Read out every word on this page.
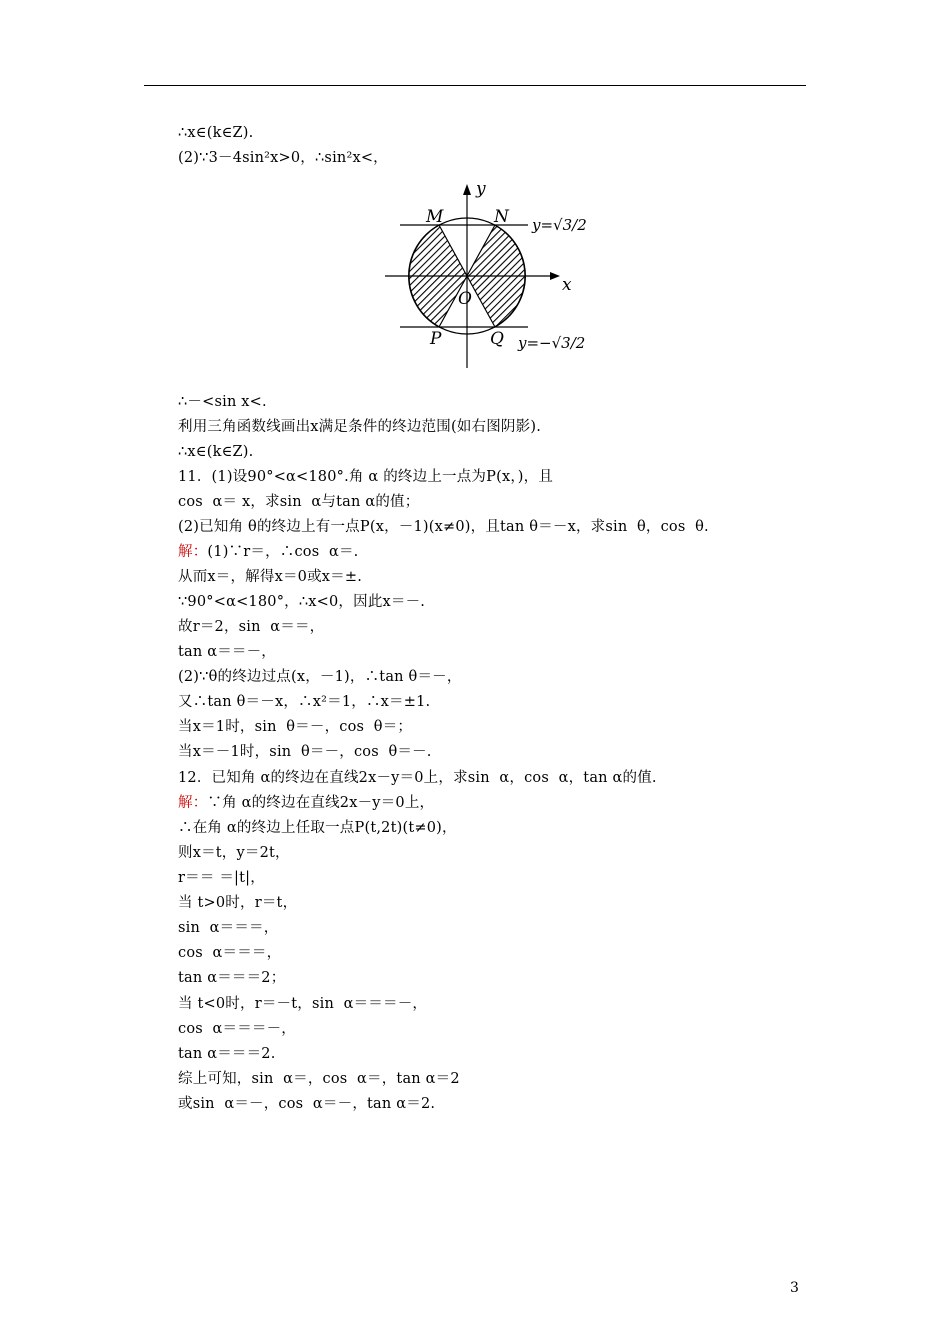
∴x∈(k∈Z).
(2)∵3－4sin²x>0，∴sin²x<，
y
x
O
M	N
P	Q
y=√3/2
y=−√3/2
∴－<sin x<.
利用三角函数线画出x满足条件的终边范围(如右图阴影).
∴x∈(k∈Z).
11．(1)设90°<α<180°.角 α 的终边上一点为P(x，)，且
cos  α＝ x，求sin  α与tan α的值；
(2)已知角 θ的终边上有一点P(x，－1)(x≠0)，且tan θ＝－x，求sin  θ，cos  θ.
解：(1)∵r＝，∴cos  α＝.
从而x＝，解得x＝0或x＝±.
∵90°<α<180°，∴x<0，因此x＝－.
故r＝2，sin  α＝＝，
tan α＝＝－，
(2)∵θ的终边过点(x，－1)，∴tan θ＝－，
又∴tan θ＝－x，∴x²＝1，∴x＝±1.
当x＝1时，sin  θ＝－，cos  θ＝；
当x＝－1时，sin  θ＝－，cos  θ＝－.
12．已知角 α的终边在直线2x－y＝0上，求sin  α，cos  α，tan α的值.
解：∵角 α的终边在直线2x－y＝0上，
∴在角 α的终边上任取一点P(t,2t)(t≠0)，
则x＝t，y＝2t，
r＝＝ ＝|t|，
当 t>0时，r＝t，
sin  α＝＝＝，
cos  α＝＝＝，
tan α＝＝＝2；
当 t<0时，r＝－t，sin  α＝＝＝－，
cos  α＝＝＝－，
tan α＝＝＝2.
综上可知，sin  α＝，cos  α＝，tan α＝2
或sin  α＝－，cos  α＝－，tan α＝2.
3
